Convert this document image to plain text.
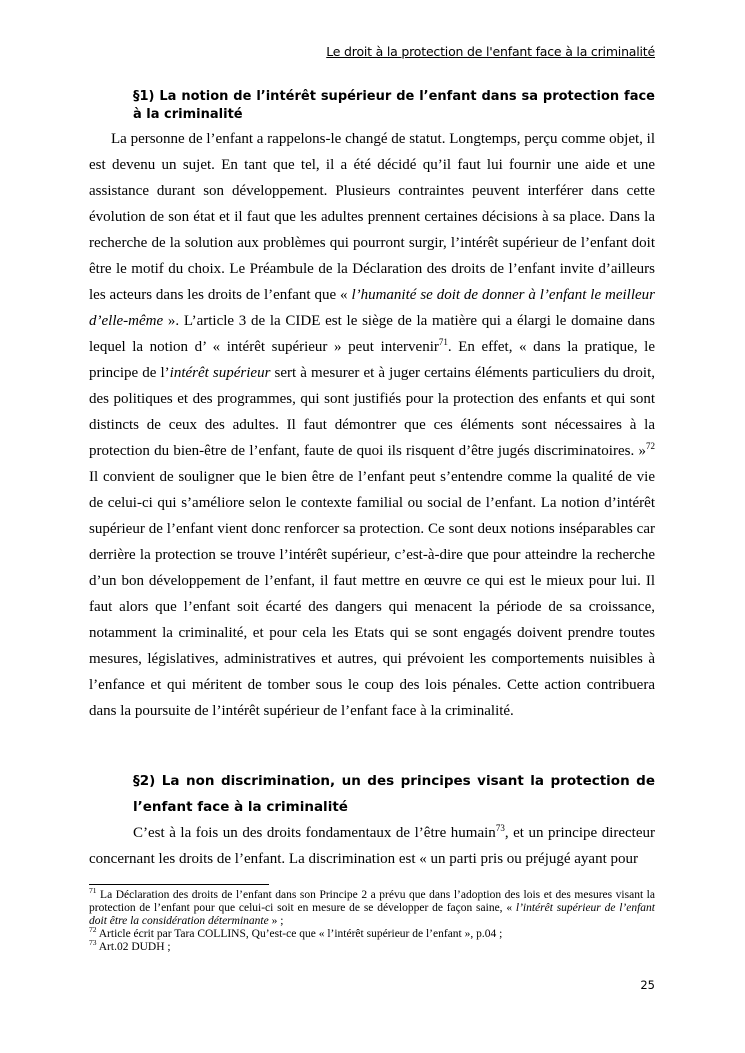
Le droit à la protection de l'enfant face à la criminalité
§1) La notion de l’intérêt supérieur de l’enfant dans sa protection face à la criminalité

La personne de l’enfant a rappelons-le changé de statut. Longtemps, perçu comme objet, il est devenu un sujet. En tant que tel, il a été décidé qu’il faut lui fournir une aide et une assistance durant son développement. Plusieurs contraintes peuvent interférer dans cette évolution de son état et il faut que les adultes prennent certaines décisions à sa place. Dans la recherche de la solution aux problèmes qui pourront surgir, l’intérêt supérieur de l’enfant doit être le motif du choix. Le Préambule de la Déclaration des droits de l’enfant invite d’ailleurs les acteurs dans les droits de l’enfant que « l’humanité se doit de donner à l’enfant le meilleur d’elle-même ». L’article 3 de la CIDE est le siège de la matière qui a élargi le domaine dans lequel la notion d’ « intérêt supérieur » peut intervenir$^{71}$. En effet, « dans la pratique, le principe de l’intérêt supérieur sert à mesurer et à juger certains éléments particuliers du droit, des politiques et des programmes, qui sont justifiés pour la protection des enfants et qui sont distincts de ceux des adultes. Il faut démontrer que ces éléments sont nécessaires à la protection du bien-être de l’enfant, faute de quoi ils risquent d’être jugés discriminatoires. »$^{72}$ Il convient de souligner que le bien être de l’enfant peut s’entendre comme la qualité de vie de celui-ci qui s’améliore selon le contexte familial ou social de l’enfant. La notion d’intérêt supérieur de l’enfant vient donc renforcer sa protection. Ce sont deux notions inséparables car derrière la protection se trouve l’intérêt supérieur, c’est-à-dire que pour atteindre la recherche d’un bon développement de l’enfant, il faut mettre en œuvre ce qui est le mieux pour lui. Il faut alors que l’enfant soit écarté des dangers qui menacent la période de sa croissance, notamment la criminalité, et pour cela les Etats qui se sont engagés doivent prendre toutes mesures, législatives, administratives et autres, qui prévoient les comportements nuisibles à l’enfance et qui méritent de tomber sous le coup des lois pénales. Cette action contribuera dans la poursuite de l’intérêt supérieur de l’enfant face à la criminalité.

§2) La non discrimination, un des principes visant la protection de l’enfant face à la criminalité

C’est à la fois un des droits fondamentaux de l’être humain$^{73}$, et un principe directeur concernant les droits de l’enfant. La discrimination est « un parti pris ou préjugé ayant pour

$^{71}$ La Déclaration des droits de l’enfant dans son Principe 2 a prévu que dans l’adoption des lois et des mesures visant la protection de l’enfant pour que celui-ci soit en mesure de se développer de façon saine, « l’intérêt supérieur de l’enfant doit être la considération déterminante » ;

$^{72}$ Article écrit par Tara COLLINS, Qu’est-ce que « l’intérêt supérieur de l’enfant », p.04 ;

$^{73}$ Art.02 DUDH ;

25
